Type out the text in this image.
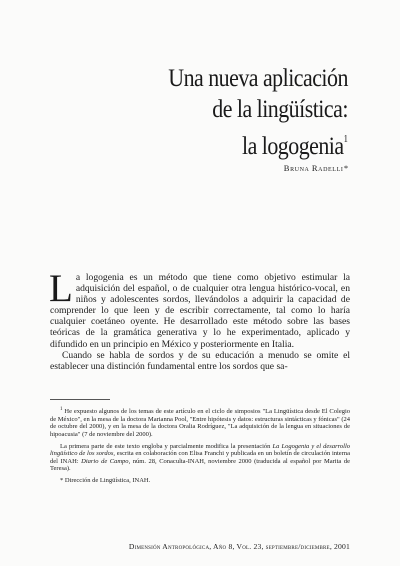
Una nueva aplicación
de la lingüística:
la logogenia$^1$
Bruna Radelli*

La logogenia es un método que tiene como objetivo estimular la adquisición del español, o de cualquier otra lengua histórico-vocal, en niños y adolescentes sordos, llevándolos a adquirir la capacidad de comprender lo que leen y de escribir correctamente, tal como lo haría cualquier coetáneo oyente. He desarrollado este método sobre las bases teóricas de la gramática generativa y lo he experimentado, aplicado y difundido en un principio en México y posteriormente en Italia.

Cuando se habla de sordos y de su educación a menudo se omite el establecer una distinción fundamental entre los sordos que sa-

$^1$ He expuesto algunos de los temas de este artículo en el ciclo de simposios "La Lingüística desde El Colegio de México", en la mesa de la doctora Marianna Pool, "Entre hipótesis y datos: estructuras sintácticas y fónicas" (24 de octubre del 2000), y en la mesa de la doctora Oralia Rodríguez, "La adquisición de la lengua en situaciones de hipoacusia" (7 de noviembre del 2000).

La primera parte de este texto engloba y parcialmente modifica la presentación La Logogenia y el desarrollo lingüístico de los sordos, escrita en colaboración con Elisa Franchi y publicada en un boletín de circulación interna del INAH: Diario de Campo, núm. 28, Conaculta-INAH, noviembre 2000 (traducida al español por Marita de Teresa).

* Dirección de Lingüística, INAH.

Dimensión Antropológica, Año 8, Vol. 23, septiembre/diciembre, 2001
